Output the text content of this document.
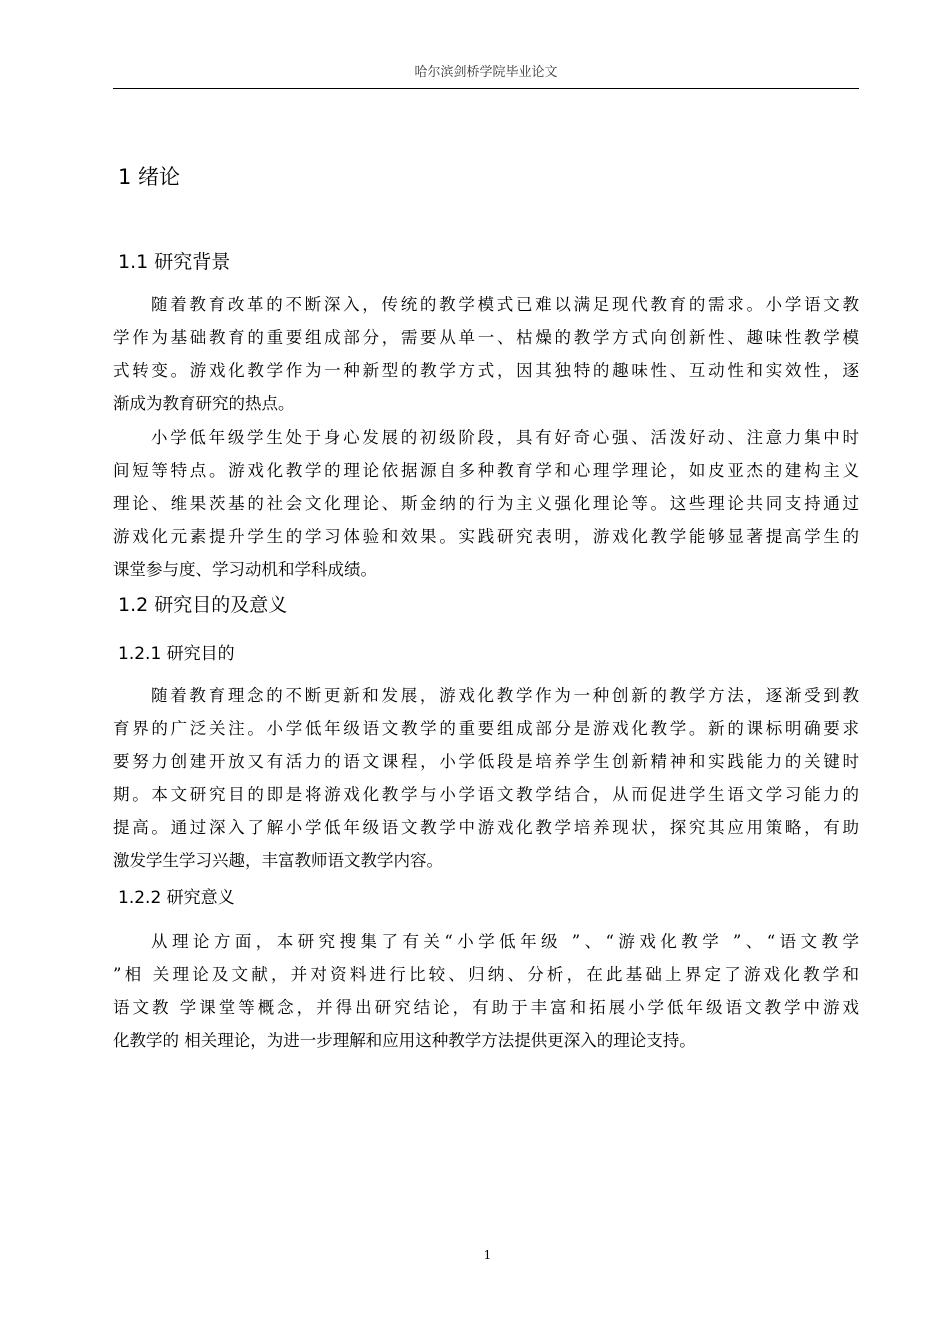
哈尔滨剑桥学院毕业论文
1 绪论
1.1 研究背景
随着教育改革的不断深入，传统的教学模式已难以满足现代教育的需求。小学语文教
学作为基础教育的重要组成部分，需要从单一、枯燥的教学方式向创新性、趣味性教学模
式转变。游戏化教学作为一种新型的教学方式，因其独特的趣味性、互动性和实效性，逐
渐成为教育研究的热点。
小学低年级学生处于身心发展的初级阶段，具有好奇心强、活泼好动、注意力集中时
间短等特点。游戏化教学的理论依据源自多种教育学和心理学理论，如皮亚杰的建构主义
理论、维果茨基的社会文化理论、斯金纳的行为主义强化理论等。这些理论共同支持通过
游戏化元素提升学生的学习体验和效果。实践研究表明，游戏化教学能够显著提高学生的
课堂参与度、学习动机和学科成绩。
1.2 研究目的及意义
1.2.1 研究目的
随着教育理念的不断更新和发展，游戏化教学作为一种创新的教学方法，逐渐受到教
育界的广泛关注。小学低年级语文教学的重要组成部分是游戏化教学。新的课标明确要求
要努力创建开放又有活力的语文课程，小学低段是培养学生创新精神和实践能力的关键时
期。本文研究目的即是将游戏化教学与小学语文教学结合，从而促进学生语文学习能力的
提高。通过深入了解小学低年级语文教学中游戏化教学培养现状，探究其应用策略，有助
激发学生学习兴趣，丰富教师语文教学内容。
1.2.2 研究意义
从理论方面，本研究搜集了有关“小学低年级 ”、“游戏化教学 ”、“语文教学
”相 关理论及文献，并对资料进行比较、归纳、分析，在此基础上界定了游戏化教学和
语文教 学课堂等概念，并得出研究结论，有助于丰富和拓展小学低年级语文教学中游戏
化教学的 相关理论，为进一步理解和应用这种教学方法提供更深入的理论支持。
1
